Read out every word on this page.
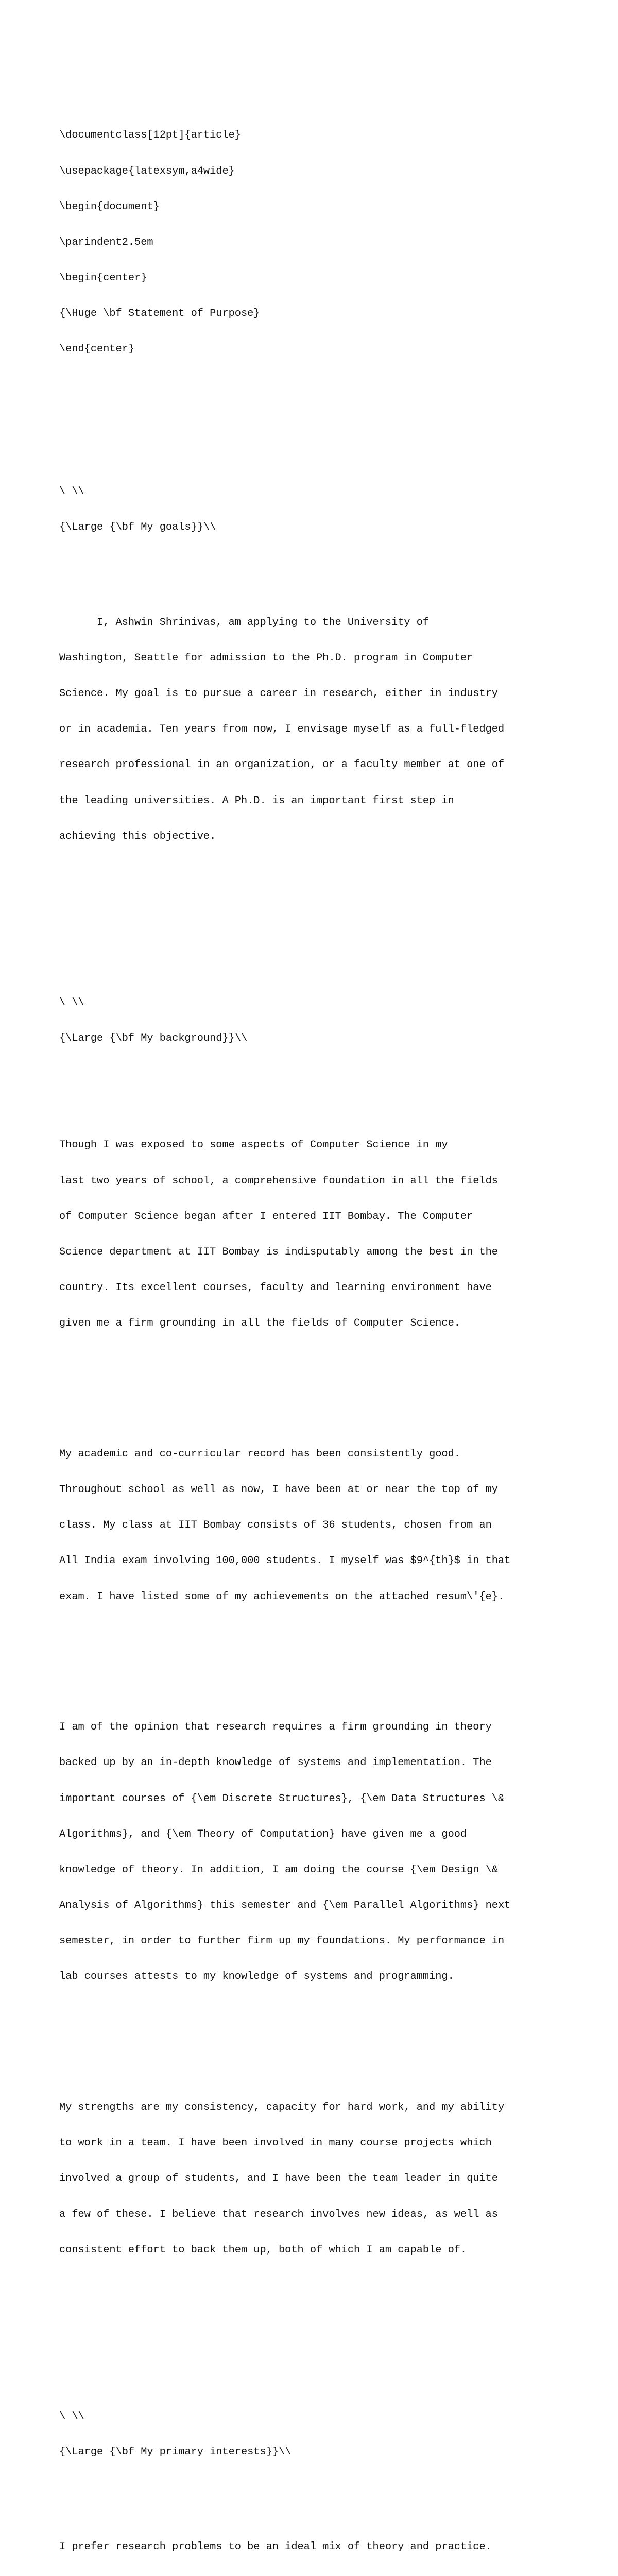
\documentclass[12pt]{article}

\usepackage{latexsym,a4wide}

\begin{document}

\parindent2.5em

\begin{center}

{\Huge \bf Statement of Purpose}

\end{center}

\ \\

{\Large {\bf My goals}}\\

I, Ashwin Shrinivas, am applying to the University of

Washington, Seattle for admission to the Ph.D. program in Computer

Science. My goal is to pursue a career in research, either in industry

or in academia. Ten years from now, I envisage myself as a full-fledged

research professional in an organization, or a faculty member at one of

the leading universities. A Ph.D. is an important first step in

achieving this objective.

\ \\

{\Large {\bf My background}}\\

Though I was exposed to some aspects of Computer Science in my

last two years of school, a comprehensive foundation in all the fields

of Computer Science began after I entered IIT Bombay. The Computer

Science department at IIT Bombay is indisputably among the best in the

country. Its excellent courses, faculty and learning environment have

given me a firm grounding in all the fields of Computer Science.

My academic and co-curricular record has been consistently good.

Throughout school as well as now, I have been at or near the top of my

class. My class at IIT Bombay consists of 36 students, chosen from an

All India exam involving 100,000 students. I myself was $9^{th}$ in that

exam. I have listed some of my achievements on the attached resum\'{e}.

I am of the opinion that research requires a firm grounding in theory

backed up by an in-depth knowledge of systems and implementation. The

important courses of {\em Discrete Structures}, {\em Data Structures \&

Algorithms}, and {\em Theory of Computation} have given me a good

knowledge of theory. In addition, I am doing the course {\em Design \&

Analysis of Algorithms} this semester and {\em Parallel Algorithms} next

semester, in order to further firm up my foundations. My performance in

lab courses attests to my knowledge of systems and programming.

My strengths are my consistency, capacity for hard work, and my ability

to work in a team. I have been involved in many course projects which

involved a group of students, and I have been the team leader in quite

a few of these. I believe that research involves new ideas, as well as

consistent effort to back them up, both of which I am capable of.

\ \\

{\Large {\bf My primary interests}}\\

I prefer research problems to be an ideal mix of theory and practice.
